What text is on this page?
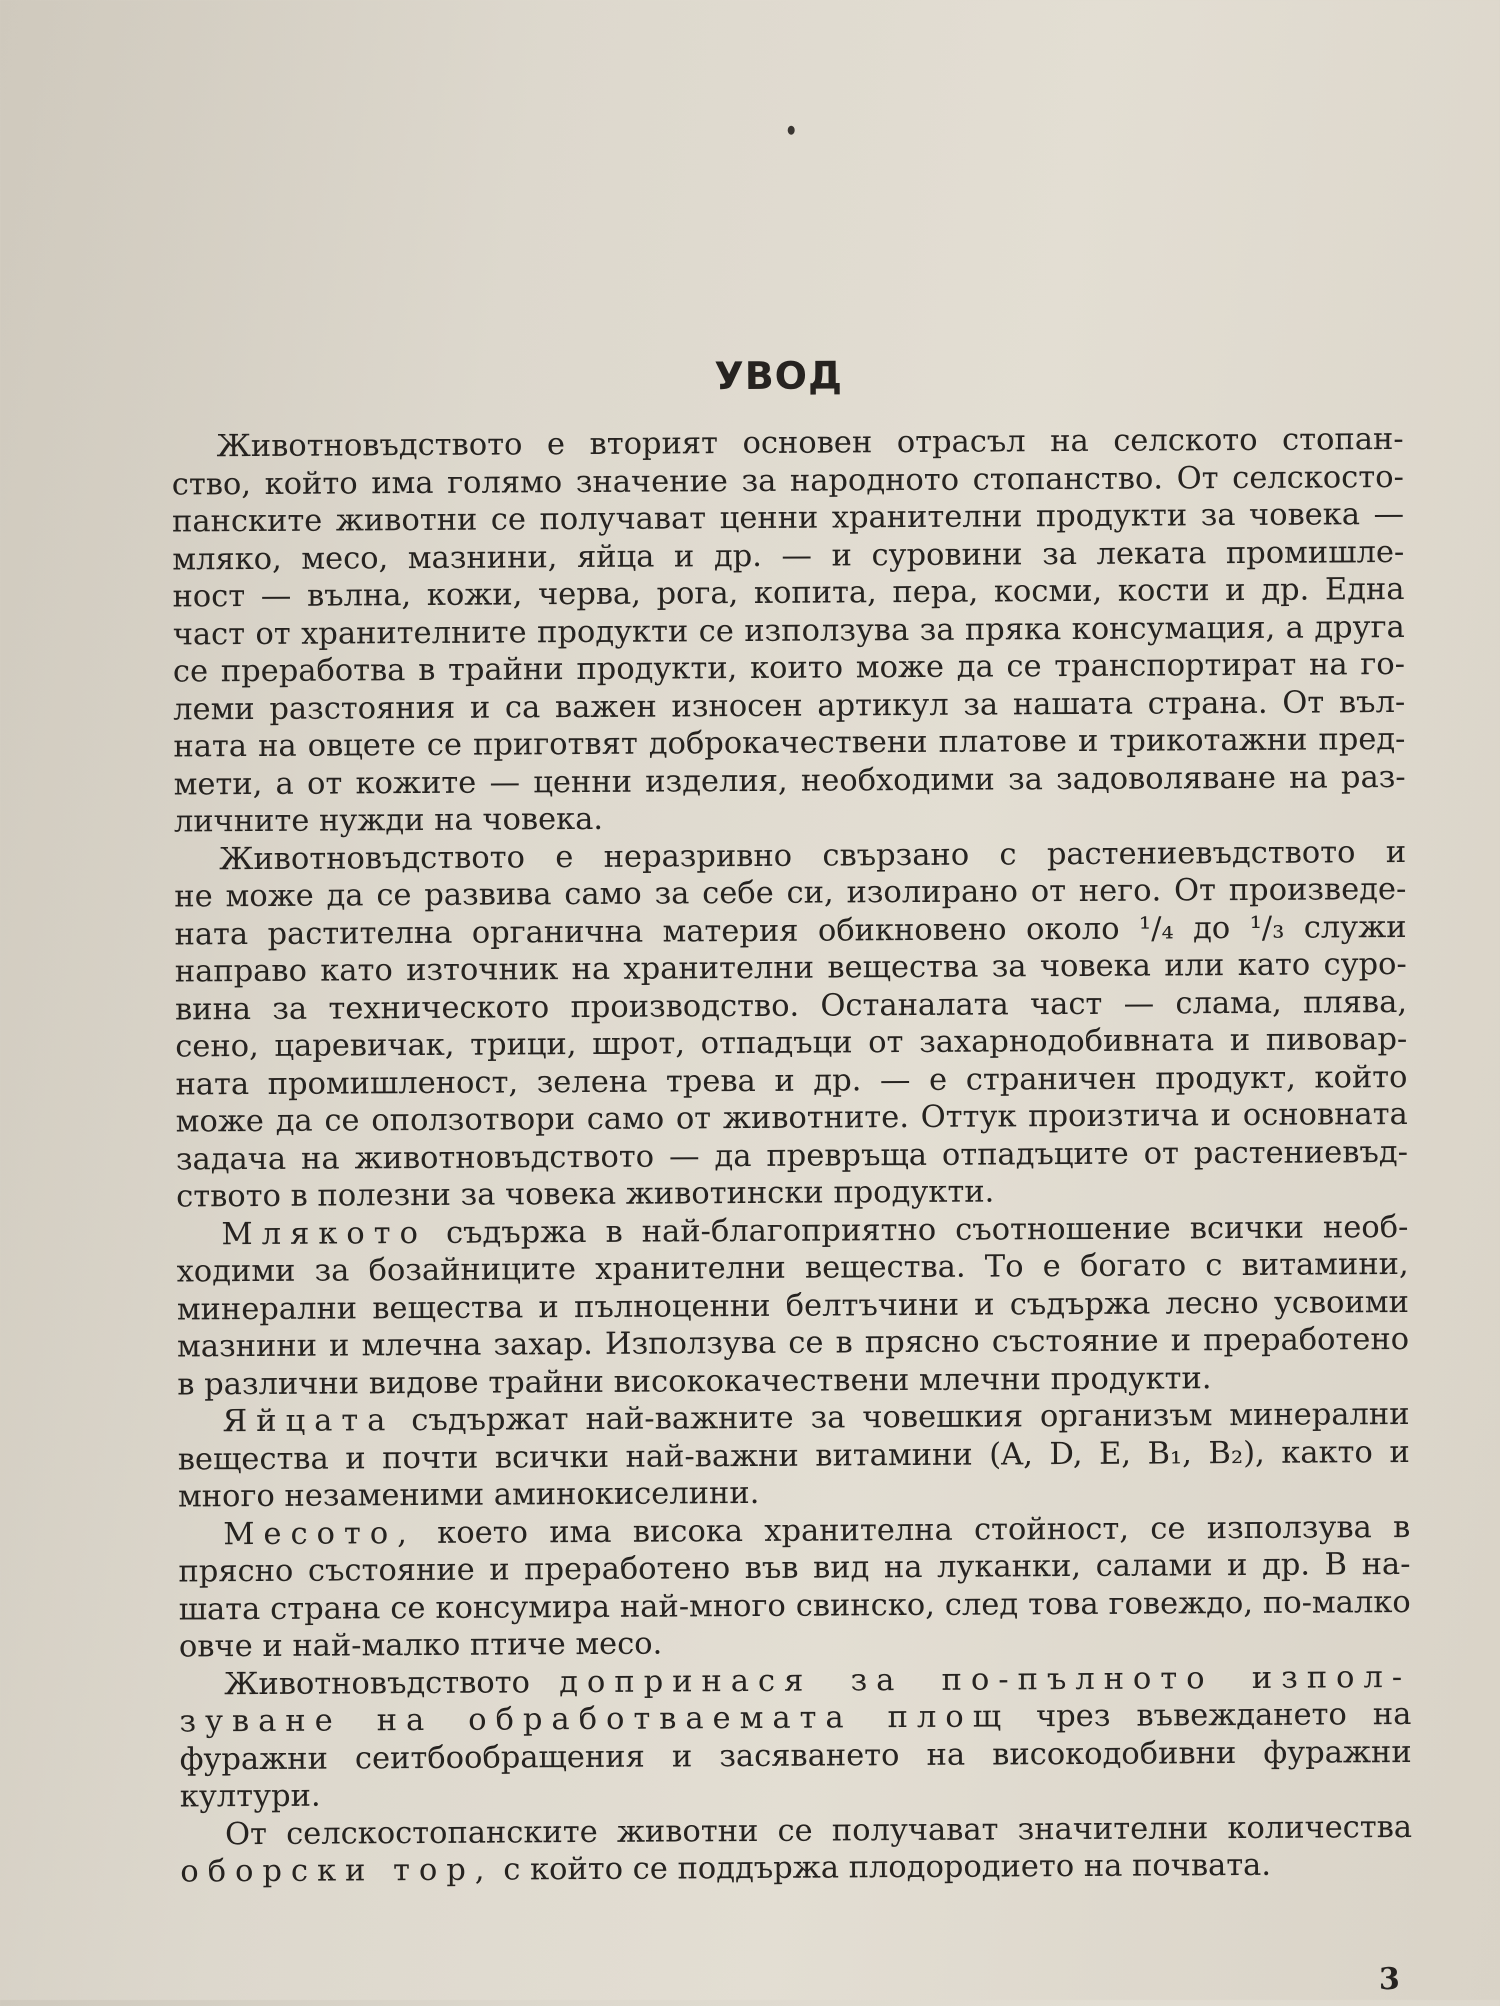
УВОД
Животновъдството е вторият основен отрасъл на селското стопан-
ство, който има голямо значение за народното стопанство. От селскосто-
панските животни се получават ценни хранителни продукти за човека —
мляко, месо, мазнини, яйца и др. — и суровини за леката промишле-
ност — вълна, кожи, черва, рога, копита, пера, косми, кости и др. Една
част от хранителните продукти се използува за пряка консумация, а друга
се преработва в трайни продукти, които може да се транспортират на го-
леми разстояния и са важен износен артикул за нашата страна. От въл-
ната на овцете се приготвят доброкачествени платове и трикотажни пред-
мети, а от кожите — ценни изделия, необходими за задоволяване на раз-
личните нужди на човека.
Животновъдството е неразривно свързано с растениевъдството и
не може да се развива само за себе си, изолирано от него. От произведе-
ната растителна органична материя обикновено около ¹/₄ до ¹/₃ служи
направо като източник на хранителни вещества за човека или като суро-
вина за техническото производство. Останалата част — слама, плява,
сено, царевичак, трици, шрот, отпадъци от захарнодобивната и пивовар-
ната промишленост, зелена трева и др. — е страничен продукт, който
може да се оползотвори само от животните. Оттук произтича и основната
задача на животновъдството — да превръща отпадъците от растениевъд-
ството в полезни за човека животински продукти.
Млякото съдържа в най-благоприятно съотношение всички необ-
ходими за бозайниците хранителни вещества. То е богато с витамини,
минерални вещества и пълноценни белтъчини и съдържа лесно усвоими
мазнини и млечна захар. Използува се в прясно състояние и преработено
в различни видове трайни висококачествени млечни продукти.
Яйцата съдържат най-важните за човешкия организъм минерални
вещества и почти всички най-важни витамини (A, D, E, B₁, B₂), както и
много незаменими аминокиселини.
Месото, което има висока хранителна стойност, се използува в
прясно състояние и преработено във вид на луканки, салами и др. В на-
шата страна се консумира най-много свинско, след това говеждо, по-малко
овче и най-малко птиче месо.
Животновъдството допринася за по-пълното изпол-
зуване на обработваемата площ чрез въвеждането на
фуражни сеитбообращения и засяването на високодобивни фуражни
култури.
От селскостопанските животни се получават значителни количества
оборски тор, с който се поддържа плодородието на почвата.
3
